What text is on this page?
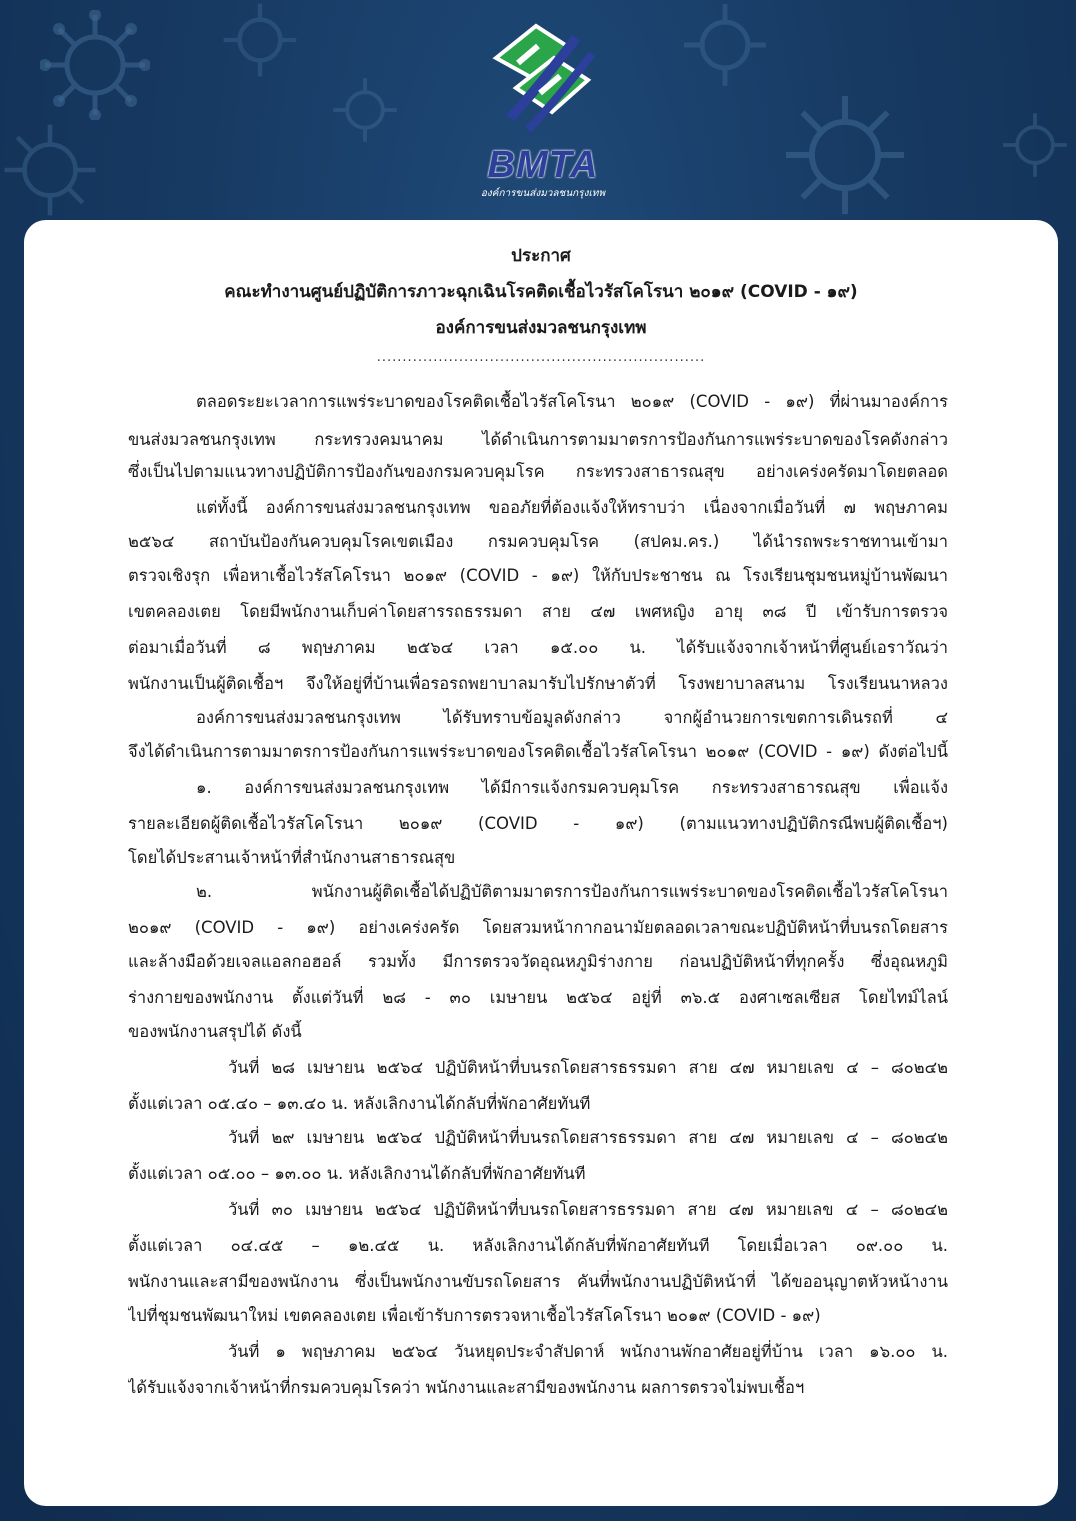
BMTA
องค์การขนส่งมวลชนกรุงเทพ
ประกาศ
คณะทำงานศูนย์ปฏิบัติการภาวะฉุกเฉินโรคติดเชื้อไวรัสโคโรนา ๒๐๑๙ (COVID - ๑๙)
องค์การขนส่งมวลชนกรุงเทพ
................................................................
ตลอดระยะเวลาการแพร่ระบาดของโรคติดเชื้อไวรัสโคโรนา ๒๐๑๙ (COVID - ๑๙) ที่ผ่านมาองค์การ
ขนส่งมวลชนกรุงเทพ กระทรวงคมนาคม ได้ดำเนินการตามมาตรการป้องกันการแพร่ระบาดของโรคดังกล่าว
ซึ่งเป็นไปตามแนวทางปฏิบัติการป้องกันของกรมควบคุมโรค กระทรวงสาธารณสุข อย่างเคร่งครัดมาโดยตลอด
แต่ทั้งนี้ องค์การขนส่งมวลชนกรุงเทพ ขออภัยที่ต้องแจ้งให้ทราบว่า เนื่องจากเมื่อวันที่ ๗ พฤษภาคม
๒๕๖๔ สถาบันป้องกันควบคุมโรคเขตเมือง กรมควบคุมโรค (สปคม.คร.) ได้นำรถพระราชทานเข้ามา
ตรวจเชิงรุก เพื่อหาเชื้อไวรัสโคโรนา ๒๐๑๙ (COVID - ๑๙) ให้กับประชาชน ณ โรงเรียนชุมชนหมู่บ้านพัฒนา
เขตคลองเตย โดยมีพนักงานเก็บค่าโดยสารรถธรรมดา สาย ๔๗ เพศหญิง อายุ ๓๘ ปี เข้ารับการตรวจ
ต่อมาเมื่อวันที่ ๘ พฤษภาคม ๒๕๖๔ เวลา ๑๕.๐๐ น. ได้รับแจ้งจากเจ้าหน้าที่ศูนย์เอราวัณว่า
พนักงานเป็นผู้ติดเชื้อฯ จึงให้อยู่ที่บ้านเพื่อรอรถพยาบาลมารับไปรักษาตัวที่ โรงพยาบาลสนาม โรงเรียนนาหลวง
องค์การขนส่งมวลชนกรุงเทพ ได้รับทราบข้อมูลดังกล่าว จากผู้อำนวยการเขตการเดินรถที่ ๔
จึงได้ดำเนินการตามมาตรการป้องกันการแพร่ระบาดของโรคติดเชื้อไวรัสโคโรนา ๒๐๑๙ (COVID - ๑๙) ดังต่อไปนี้
๑. องค์การขนส่งมวลชนกรุงเทพ ได้มีการแจ้งกรมควบคุมโรค กระทรวงสาธารณสุข เพื่อแจ้ง
รายละเอียดผู้ติดเชื้อไวรัสโคโรนา ๒๐๑๙ (COVID - ๑๙) (ตามแนวทางปฏิบัติกรณีพบผู้ติดเชื้อฯ)
โดยได้ประสานเจ้าหน้าที่สำนักงานสาธารณสุข
๒. พนักงานผู้ติดเชื้อได้ปฏิบัติตามมาตรการป้องกันการแพร่ระบาดของโรคติดเชื้อไวรัสโคโรนา
๒๐๑๙ (COVID - ๑๙) อย่างเคร่งครัด โดยสวมหน้ากากอนามัยตลอดเวลาขณะปฏิบัติหน้าที่บนรถโดยสาร
และล้างมือด้วยเจลแอลกอฮอล์ รวมทั้ง มีการตรวจวัดอุณหภูมิร่างกาย ก่อนปฏิบัติหน้าที่ทุกครั้ง ซึ่งอุณหภูมิ
ร่างกายของพนักงาน ตั้งแต่วันที่ ๒๘ - ๓๐ เมษายน ๒๕๖๔ อยู่ที่ ๓๖.๕ องศาเซลเซียส โดยไทม์ไลน์
ของพนักงานสรุปได้ ดังนี้
วันที่ ๒๘ เมษายน ๒๕๖๔ ปฏิบัติหน้าที่บนรถโดยสารธรรมดา สาย ๔๗ หมายเลข ๔ – ๘๐๒๔๒
ตั้งแต่เวลา ๐๕.๔๐ – ๑๓.๔๐ น. หลังเลิกงานได้กลับที่พักอาศัยทันที
วันที่ ๒๙ เมษายน ๒๕๖๔ ปฏิบัติหน้าที่บนรถโดยสารธรรมดา สาย ๔๗ หมายเลข ๔ – ๘๐๒๔๒
ตั้งแต่เวลา ๐๕.๐๐ – ๑๓.๐๐ น. หลังเลิกงานได้กลับที่พักอาศัยทันที
วันที่ ๓๐ เมษายน ๒๕๖๔ ปฏิบัติหน้าที่บนรถโดยสารธรรมดา สาย ๔๗ หมายเลข ๔ – ๘๐๒๔๒
ตั้งแต่เวลา ๐๔.๔๕ – ๑๒.๔๕ น. หลังเลิกงานได้กลับที่พักอาศัยทันที โดยเมื่อเวลา ๐๙.๐๐ น.
พนักงานและสามีของพนักงาน ซึ่งเป็นพนักงานขับรถโดยสาร คันที่พนักงานปฏิบัติหน้าที่ ได้ขออนุญาตหัวหน้างาน
ไปที่ชุมชนพัฒนาใหม่ เขตคลองเตย เพื่อเข้ารับการตรวจหาเชื้อไวรัสโคโรนา ๒๐๑๙ (COVID - ๑๙)
วันที่ ๑ พฤษภาคม ๒๕๖๔ วันหยุดประจำสัปดาห์ พนักงานพักอาศัยอยู่ที่บ้าน เวลา ๑๖.๐๐ น.
ได้รับแจ้งจากเจ้าหน้าที่กรมควบคุมโรคว่า พนักงานและสามีของพนักงาน ผลการตรวจไม่พบเชื้อฯ
